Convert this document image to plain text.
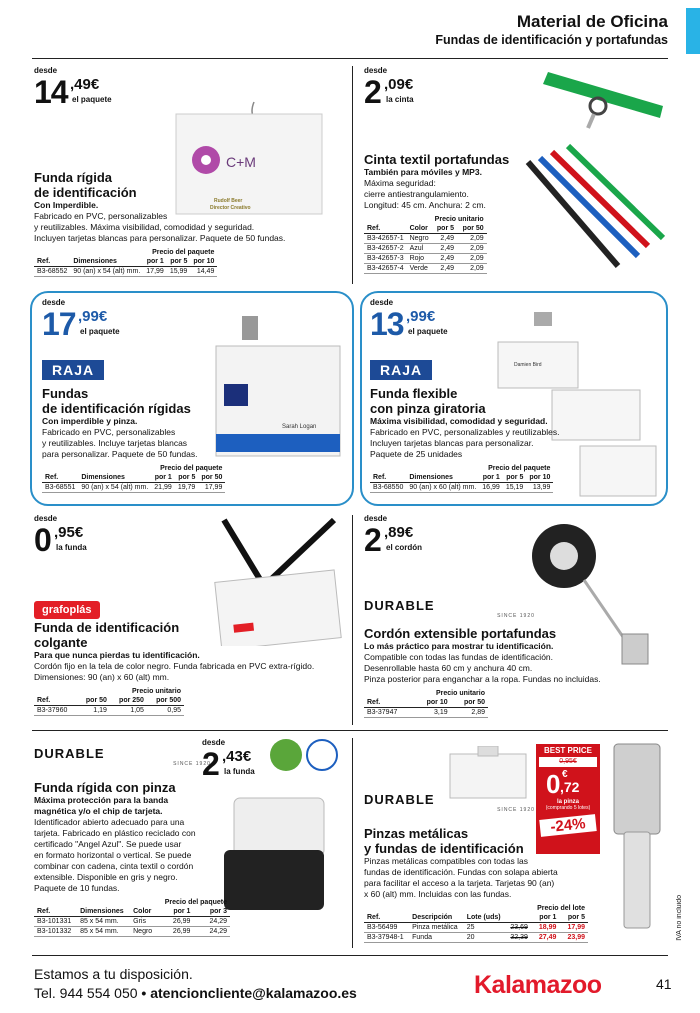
Material de Oficina
Fundas de identificación y portafundas
desde
14 ,49€
el paquete
C+M
Rudolf Beer
Director Creativo
Funda rígida
de identificación
Con Imperdible.
Fabricado en PVC, personalizables
y reutilizables. Máxima visibilidad, comodidad y seguridad.
Incluyen tarjetas blancas para personalizar. Paquete de 50 fundas.
		Precio del paquete		
Ref.	Dimensiones	por 1	por 5	por 10
B3-68552	90 (an) x 54 (alt) mm.	17,99	15,99	14,49
desde
2 ,09€
la cinta
Cinta textil portafundas
También para móviles y MP3.
Máxima seguridad:
cierre antiestrangulamiento.
Longitud: 45 cm. Anchura: 2 cm.
		Precio unitario	
Ref.	Color	por 5	por 50
B3-42657-1	Negro	2,49	2,09
B3-42657-2	Azul	2,49	2,09
B3-42657-3	Rojo	2,49	2,09
B3-42657-4	Verde	2,49	2,09
desde
17 ,99€
el paquete
RAJA
Sarah Logan
Fundas
de identificación rígidas
Con imperdible y pinza.
Fabricado en PVC, personalizables
y reutilizables. Incluye tarjetas blancas
para personalizar. Paquete de 50 fundas.
		Precio del paquete		
Ref.	Dimensiones	por 1	por 5	por 50
B3-68551	90 (an) x 54 (alt) mm.	21,99	19,79	17,99
desde
13 ,99€
el paquete
RAJA	Damien Bird
Funda flexible
con pinza giratoria
Máxima visibilidad, comodidad y seguridad.
Fabricado en PVC, personalizables y reutilizables.
Incluyen tarjetas blancas para personalizar.
Paquete de 25 unidades
		Precio del paquete		
Ref.	Dimensiones	por 1	por 5	por 10
B3-68550	90 (an) x 60 (alt) mm.	16,99	15,19	13,99
desde
0 ,95€
la funda
grafoplás
Funda de identificación
colgante
Para que nunca pierdas tu identificación.
Cordón fijo en la tela de color negro. Funda fabricada en PVC extra-rígido.
Dimensiones: 90 (an) x 60 (alt) mm.
	Precio unitario		
Ref.	por 50	por 250	por 500
B3-37960	1,19	1,05	0,95
desde
2 ,89€
el cordón
DURABLE
SINCE 1920
Cordón extensible portafundas
Lo más práctico para mostrar tu identificación.
Compatible con todas las fundas de identificación.
Desenrollable hasta 60 cm y anchura 40 cm.
Pinza posterior para enganchar a la ropa. Fundas no incluidas.
	Precio unitario	
Ref.	por 10	por 50
B3-37947	3,19	2,89
DURABLE
SINCE 1920
desde
2 ,43€
la funda
Funda rígida con pinza
Máxima protección para la banda
magnética y/o el chip de tarjeta.
Identificador abierto adecuado para una
tarjeta. Fabricado en plástico reciclado con
certificado "Angel Azul". Se puede usar
en formato horizontal o vertical. Se puede
combinar con cadena, cinta textil o cordón
extensible. Disponible en gris y negro.
Paquete de 10 fundas.
			Precio del paquete	
Ref.	Dimensiones	Color	por 1	por 3
B3-101331	85 x 54 mm.	Gris	26,99	24,29
B3-101332	85 x 54 mm.	Negro	26,99	24,29
DURABLE
SINCE 1920
BEST PRICE
0,95€
0 €
,72
la pinza
(comprando 5 lotes)
-24%
Pinzas metálicas
y fundas de identificación
Pinzas metálicas compatibles con todas las
fundas de identificación. Fundas con solapa abierta
para facilitar el acceso a la tarjeta. Tarjetas 90 (an)
x 60 (alt) mm. Incluidas con las fundas.
				Precio del lote	
Ref.	Descripción	Lote (uds)		por 1	por 5
B3-56499	Pinza metálica	25	23,69	18,99	17,99
B3-37948-1	Funda	20	32,39	27,49	23,99	IVA no incluido
Estamos a tu disposición.
Tel. 944 554 050 • atencioncliente@kalamazoo.es	Kalamazoo	41
